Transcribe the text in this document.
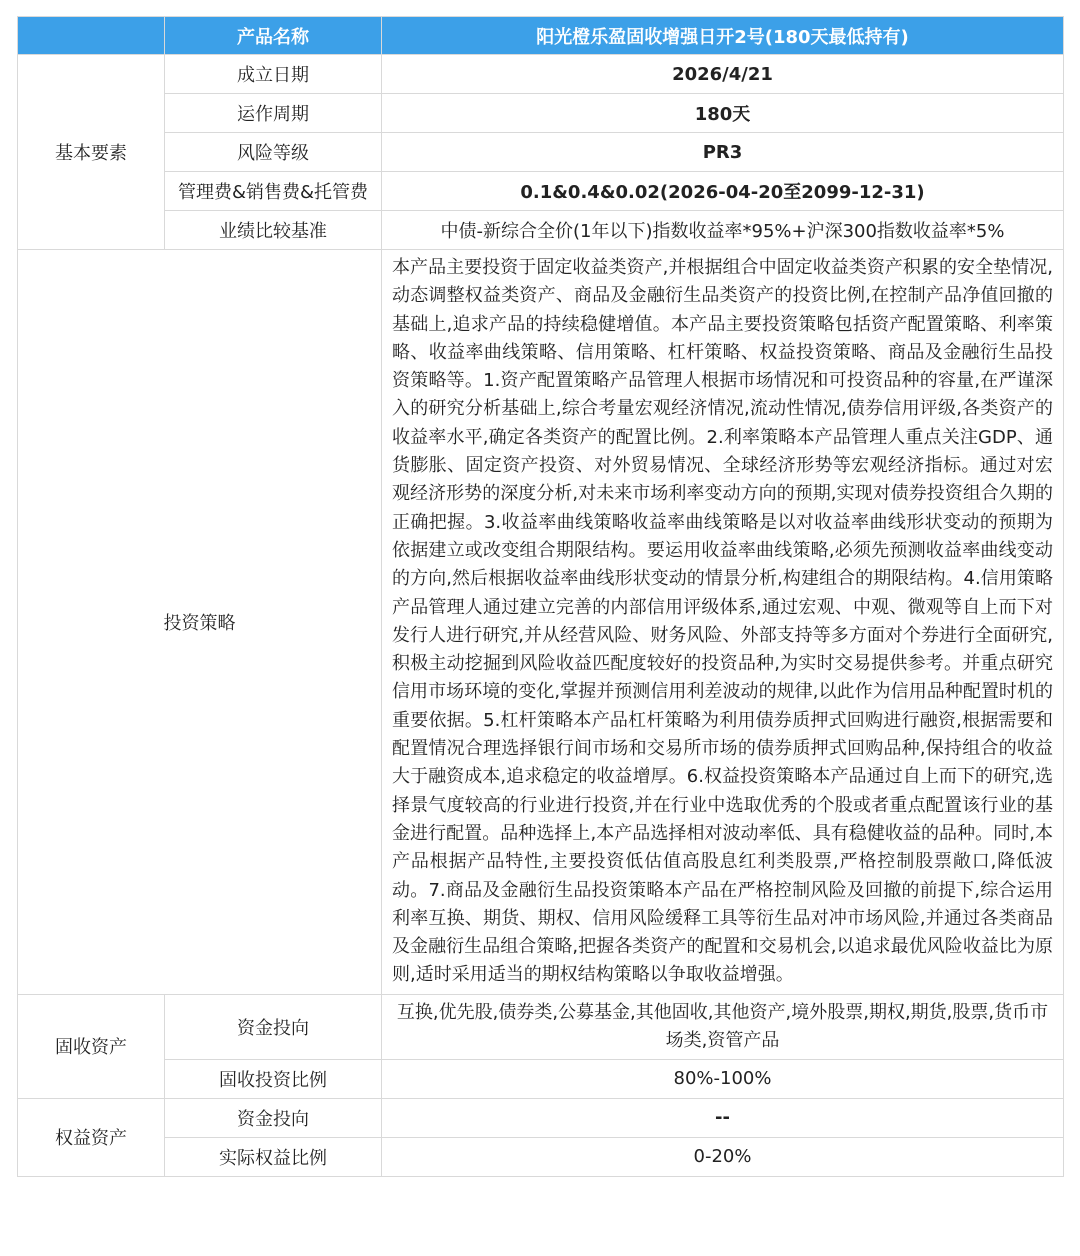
	产品名称	阳光橙乐盈固收增强日开2号(180天最低持有)
基本要素	成立日期	2026/4/21
	运作周期	180天
	风险等级	PR3
	管理费&销售费&托管费	0.1&0.4&0.02(2026-04-20至2099-12-31)
	业绩比较基准	中债-新综合全价(1年以下)指数收益率*95%+沪深300指数收益率*5%
投资策略		本产品主要投资于固定收益类资产,并根据组合中固定收益类资产积累的安全垫情况,动态调整权益类资产、商品及金融衍生品类资产的投资比例,在控制产品净值回撤的基础上,追求产品的持续稳健增值。本产品主要投资策略包括资产配置策略、利率策略、收益率曲线策略、信用策略、杠杆策略、权益投资策略、商品及金融衍生品投资策略等。1.资产配置策略产品管理人根据市场情况和可投资品种的容量,在严谨深入的研究分析基础上,综合考量宏观经济情况,流动性情况,债券信用评级,各类资产的收益率水平,确定各类资产的配置比例。2.利率策略本产品管理人重点关注GDP、通货膨胀、固定资产投资、对外贸易情况、全球经济形势等宏观经济指标。通过对宏观经济形势的深度分析,对未来市场利率变动方向的预期,实现对债券投资组合久期的正确把握。3.收益率曲线策略收益率曲线策略是以对收益率曲线形状变动的预期为依据建立或改变组合期限结构。要运用收益率曲线策略,必须先预测收益率曲线变动的方向,然后根据收益率曲线形状变动的情景分析,构建组合的期限结构。4.信用策略产品管理人通过建立完善的内部信用评级体系,通过宏观、中观、微观等自上而下对发行人进行研究,并从经营风险、财务风险、外部支持等多方面对个券进行全面研究,积极主动挖掘到风险收益匹配度较好的投资品种,为实时交易提供参考。并重点研究信用市场环境的变化,掌握并预测信用利差波动的规律,以此作为信用品种配置时机的重要依据。5.杠杆策略本产品杠杆策略为利用债券质押式回购进行融资,根据需要和配置情况合理选择银行间市场和交易所市场的债券质押式回购品种,保持组合的收益大于融资成本,追求稳定的收益增厚。6.权益投资策略本产品通过自上而下的研究,选择景气度较高的行业进行投资,并在行业中选取优秀的个股或者重点配置该行业的基金进行配置。品种选择上,本产品选择相对波动率低、具有稳健收益的品种。同时,本产品根据产品特性,主要投资低估值高股息红利类股票,严格控制股票敞口,降低波动。7.商品及金融衍生品投资策略本产品在严格控制风险及回撤的前提下,综合运用利率互换、期货、期权、信用风险缓释工具等衍生品对冲市场风险,并通过各类商品及金融衍生品组合策略,把握各类资产的配置和交易机会,以追求最优风险收益比为原则,适时采用适当的期权结构策略以争取收益增强。
固收资产	资金投向	互换,优先股,债券类,公募基金,其他固收,其他资产,境外股票,期权,期货,股票,货币市场类,资管产品
	固收投资比例	80%-100%
权益资产	资金投向	--
	实际权益比例	0-20%
